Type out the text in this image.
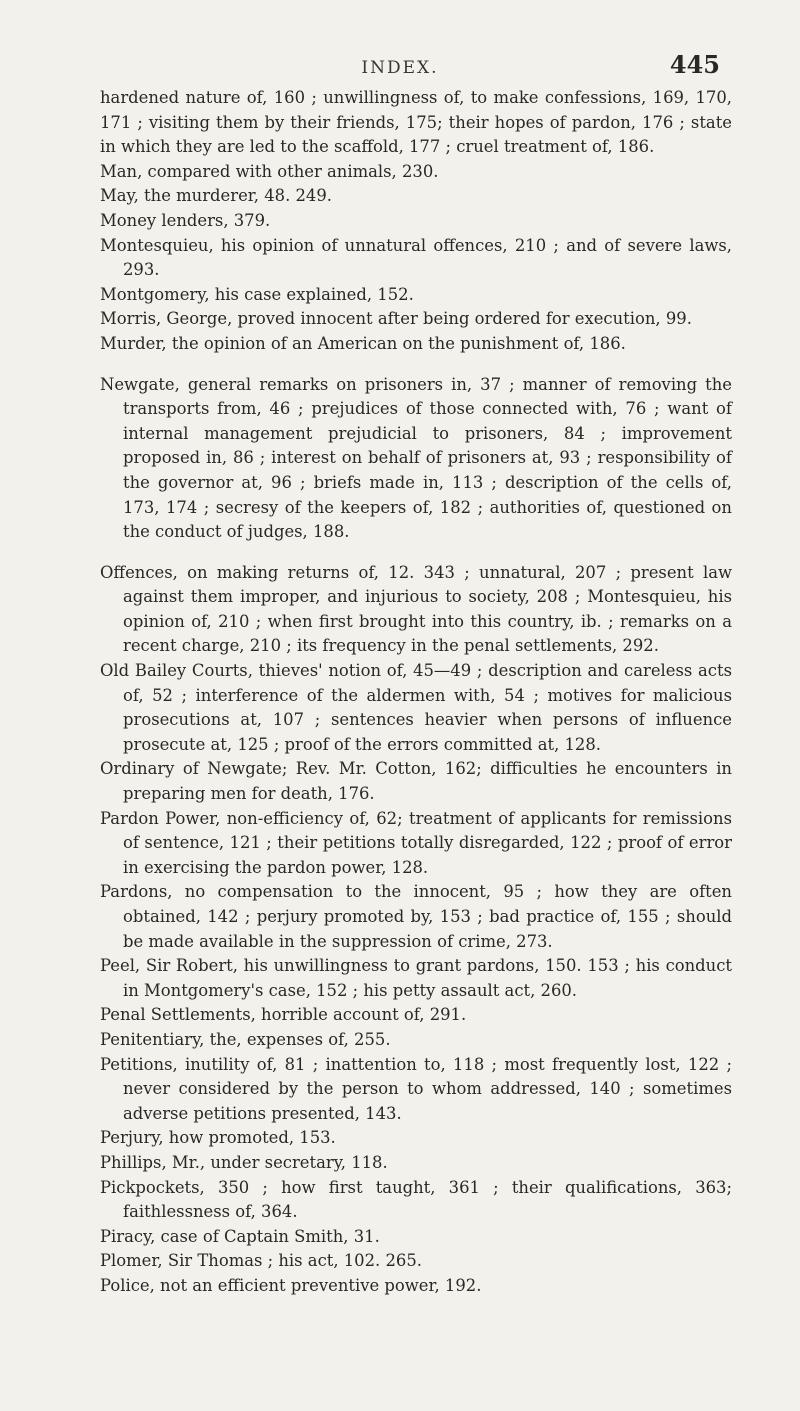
INDEX.	445

hardened nature of, 160 ; unwillingness of, to make confessions, 169, 170, 171 ; visiting them by their friends, 175; their hopes of pardon, 176 ; state in which they are led to the scaffold, 177 ; cruel treatment of, 186.

Man, compared with other animals, 230.

May, the murderer, 48. 249.

Money lenders, 379.

Montesquieu, his opinion of unnatural offences, 210 ; and of severe laws, 293.

Montgomery, his case explained, 152.

Morris, George, proved innocent after being ordered for execution, 99.

Murder, the opinion of an American on the punishment of, 186.

Newgate, general remarks on prisoners in, 37 ; manner of removing the transports from, 46 ; prejudices of those connected with, 76 ; want of internal management prejudicial to prisoners, 84 ; improvement proposed in, 86 ; interest on behalf of prisoners at, 93 ; responsibility of the governor at, 96 ; briefs made in, 113 ; description of the cells of, 173, 174 ; secresy of the keepers of, 182 ; authorities of, questioned on the conduct of judges, 188.

Offences, on making returns of, 12. 343 ; unnatural, 207 ; present law against them improper, and injurious to society, 208 ; Montesquieu, his opinion of, 210 ; when first brought into this country, ib. ; remarks on a recent charge, 210 ; its frequency in the penal settlements, 292.

Old Bailey Courts, thieves' notion of, 45—49 ; description and careless acts of, 52 ; interference of the aldermen with, 54 ; motives for malicious prosecutions at, 107 ; sentences heavier when persons of influence prosecute at, 125 ; proof of the errors committed at, 128.

Ordinary of Newgate; Rev. Mr. Cotton, 162; difficulties he encounters in preparing men for death, 176.

Pardon Power, non-efficiency of, 62; treatment of applicants for remissions of sentence, 121 ; their petitions totally disregarded, 122 ; proof of error in exercising the pardon power, 128.

Pardons, no compensation to the innocent, 95 ; how they are often obtained, 142 ; perjury promoted by, 153 ; bad practice of, 155 ; should be made available in the suppression of crime, 273.

Peel, Sir Robert, his unwillingness to grant pardons, 150. 153 ; his conduct in Montgomery's case, 152 ; his petty assault act, 260.

Penal Settlements, horrible account of, 291.

Penitentiary, the, expenses of, 255.

Petitions, inutility of, 81 ; inattention to, 118 ; most frequently lost, 122 ; never considered by the person to whom addressed, 140 ; sometimes adverse petitions presented, 143.

Perjury, how promoted, 153.

Phillips, Mr., under secretary, 118.

Pickpockets, 350 ; how first taught, 361 ; their qualifications, 363; faithlessness of, 364.

Piracy, case of Captain Smith, 31.

Plomer, Sir Thomas ; his act, 102. 265.

Police, not an efficient preventive power, 192.
